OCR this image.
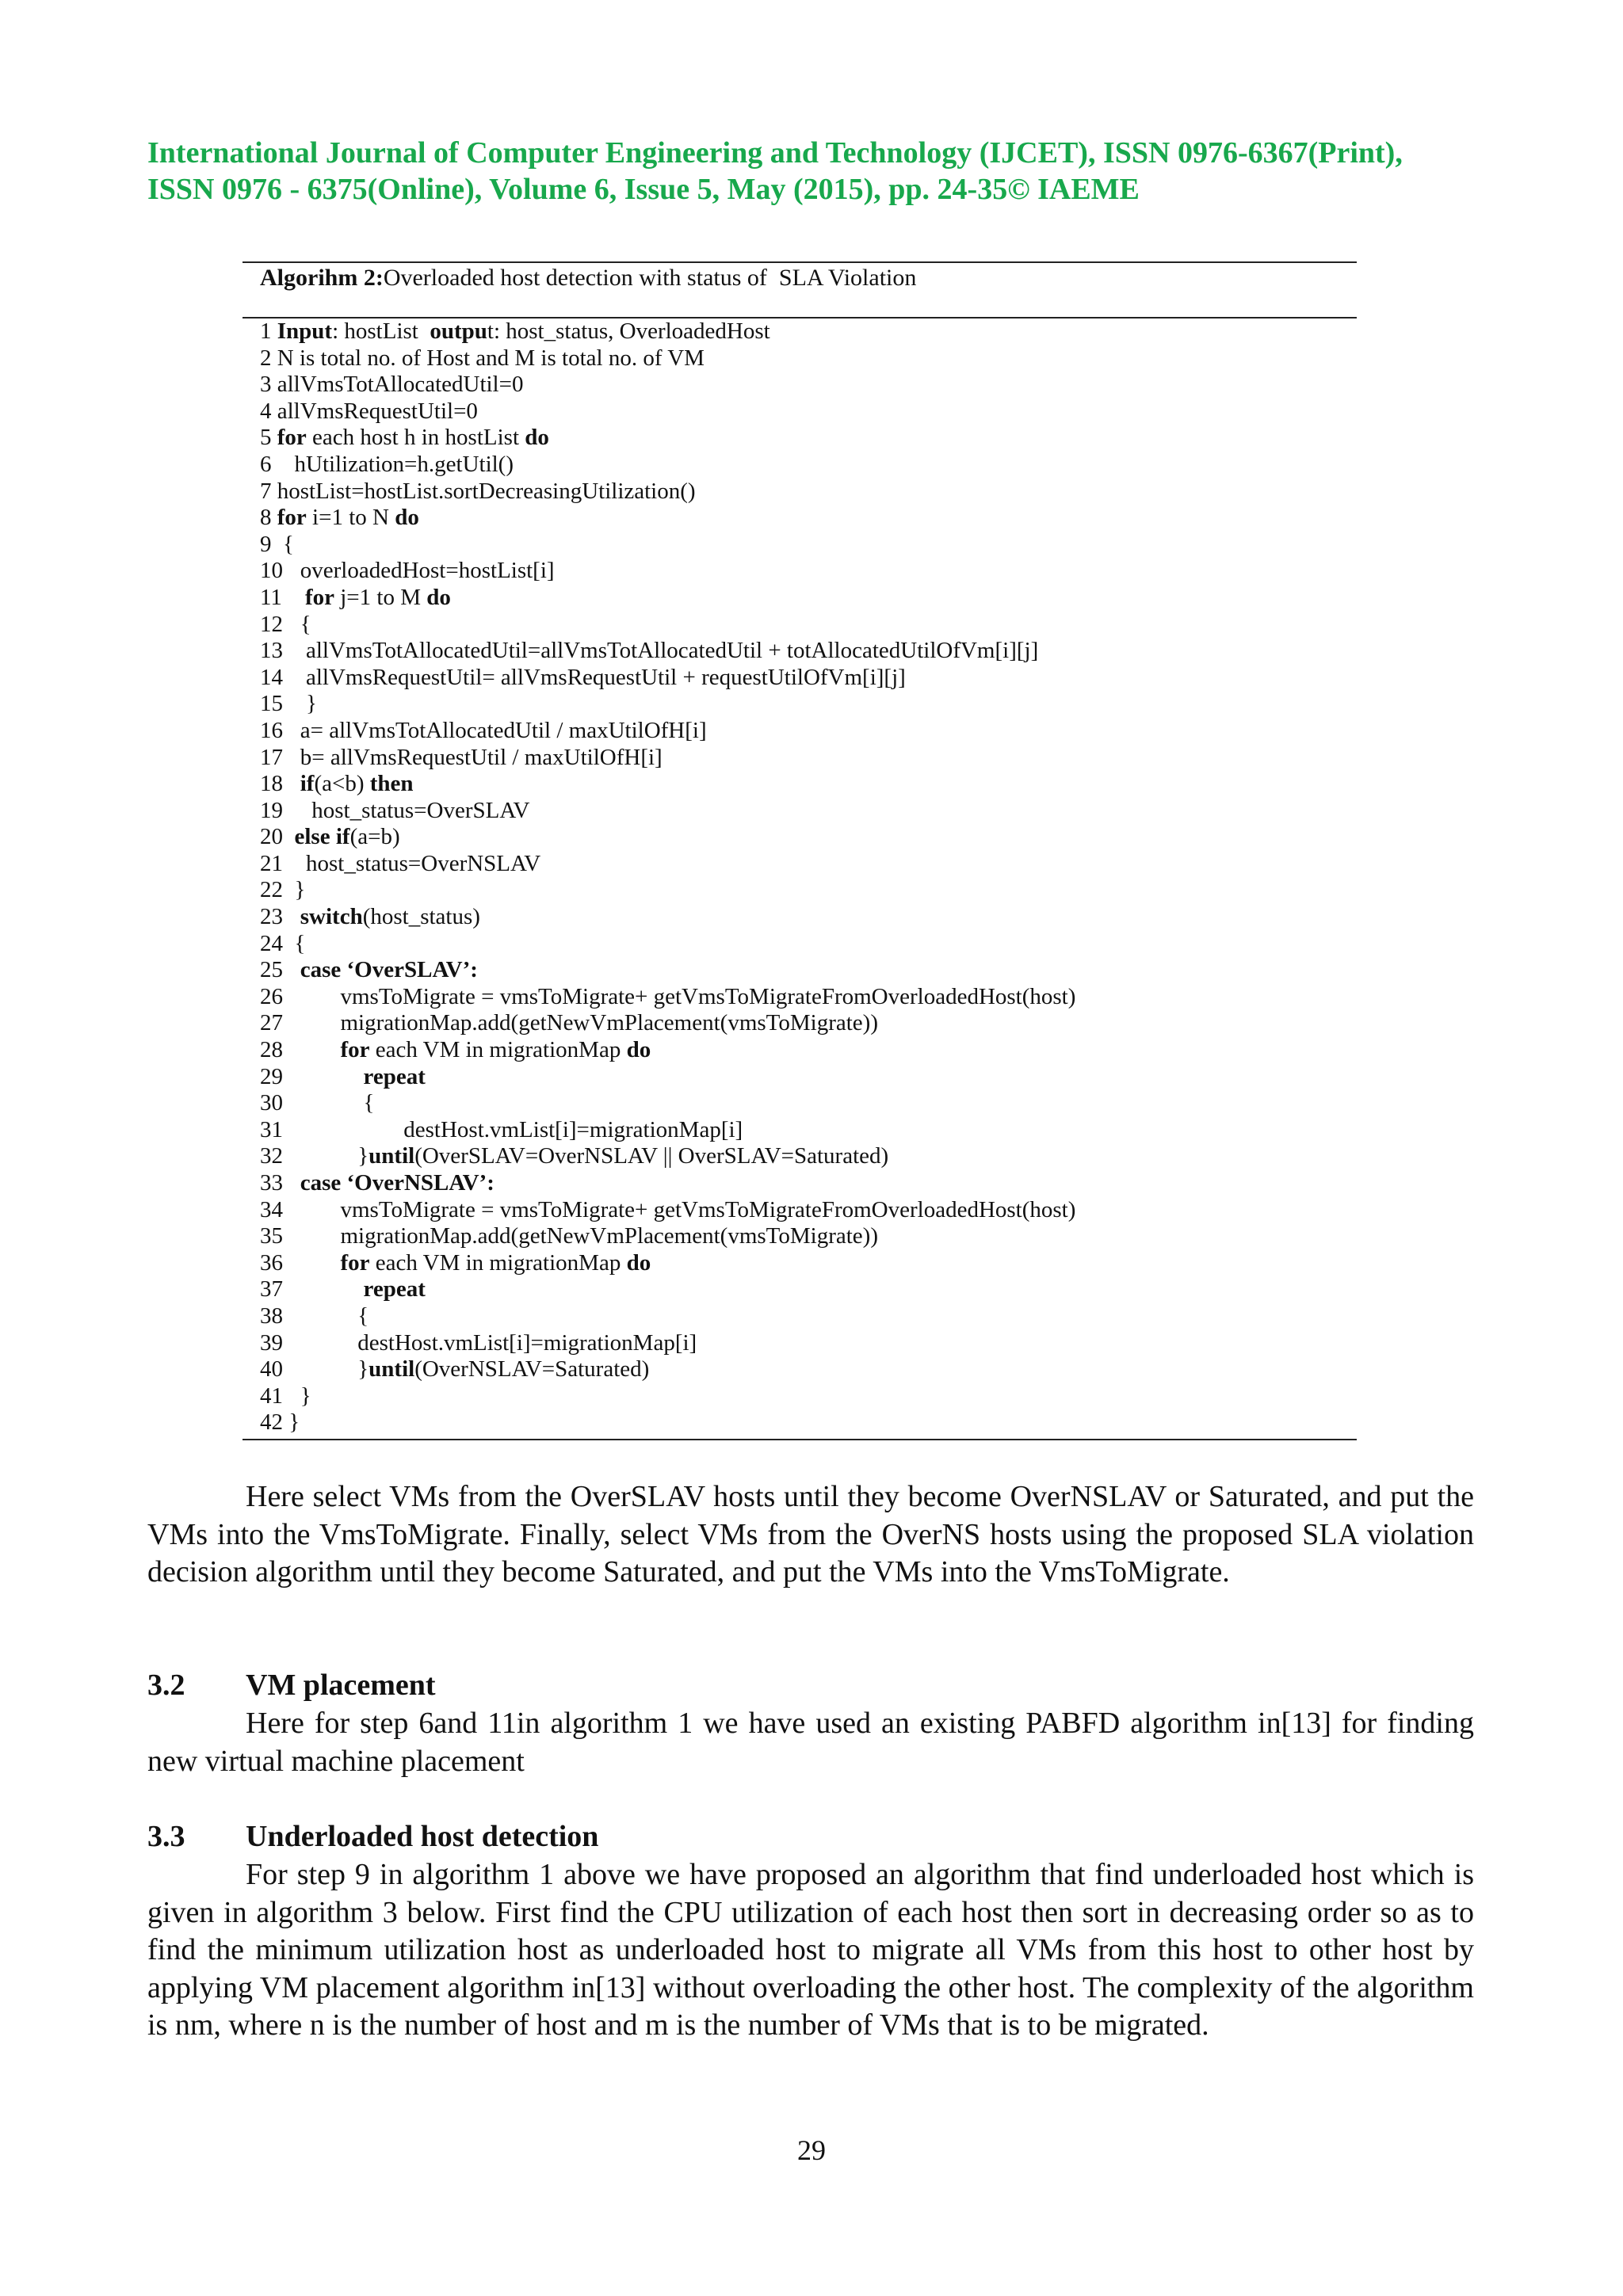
International Journal of Computer Engineering and Technology (IJCET), ISSN 0976-6367(Print),
ISSN 0976 - 6375(Online), Volume 6, Issue 5, May (2015), pp. 24-35© IAEME
Algorihm 2:Overloaded host detection with status of  SLA Violation
1 Input : hostList outpu t: host_status, OverloadedHost
2 N is total no. of Host and M is total no. of VM
3 allVmsTotAllocatedUtil=0
4 allVmsRequestUtil=0
5 for each host h in hostList do
6    hUtilization=h.getUtil()
7 hostList=hostList.sortDecreasingUtilization()
8 for i=1 to N do
9  {
10   overloadedHost=hostList[i]
11 for j=1 to M do
12   {
13    allVmsTotAllocatedUtil=allVmsTotAllocatedUtil + totAllocatedUtilOfVm[i][j]
14    allVmsRequestUtil= allVmsRequestUtil + requestUtilOfVm[i][j]
15    }
16   a= allVmsTotAllocatedUtil / maxUtilOfH[i]
17   b= allVmsRequestUtil / maxUtilOfH[i]
18 if (a<b) then
19     host_status=OverSLAV
20 else if (a=b)
21    host_status=OverNSLAV
22  }
23 switch (host_status)
24  {
25 case ‘OverSLAV’:
26          vmsToMigrate = vmsToMigrate+ getVmsToMigrateFromOverloadedHost(host)
27          migrationMap.add(getNewVmPlacement(vmsToMigrate))
28 for each VM in migrationMap do
29 repeat
30              {
31                     destHost.vmList[i]=migrationMap[i]
32             } until (OverSLAV=OverNSLAV || OverSLAV=Saturated)
33 case ‘OverNSLAV’:
34          vmsToMigrate = vmsToMigrate+ getVmsToMigrateFromOverloadedHost(host)
35          migrationMap.add(getNewVmPlacement(vmsToMigrate))
36 for each VM in migrationMap do
37 repeat
38             {
39             destHost.vmList[i]=migrationMap[i]
40             } until (OverNSLAV=Saturated)
41   }
42 }
Here select VMs from the OverSLAV hosts until they become OverNSLAV or Saturated, and put the VMs into the VmsToMigrate. Finally, select VMs from the OverNS hosts using the proposed SLA violation decision algorithm until they become Saturated, and put the VMs into the VmsToMigrate.
3.2 VM placement
Here for step 6and 11in algorithm 1 we have used an existing PABFD algorithm in[13] for finding new virtual machine placement
3.3 Underloaded host detection
For step 9 in algorithm 1 above we have proposed an algorithm that find underloaded host which is given in algorithm 3 below. First find the CPU utilization of each host then sort in decreasing order so as to find the minimum utilization host as underloaded host to migrate all VMs from this host to other host by applying VM placement algorithm in[13] without overloading the other host. The complexity of the algorithm is nm, where n is the number of host and m is the number of VMs that is to be migrated.
29
